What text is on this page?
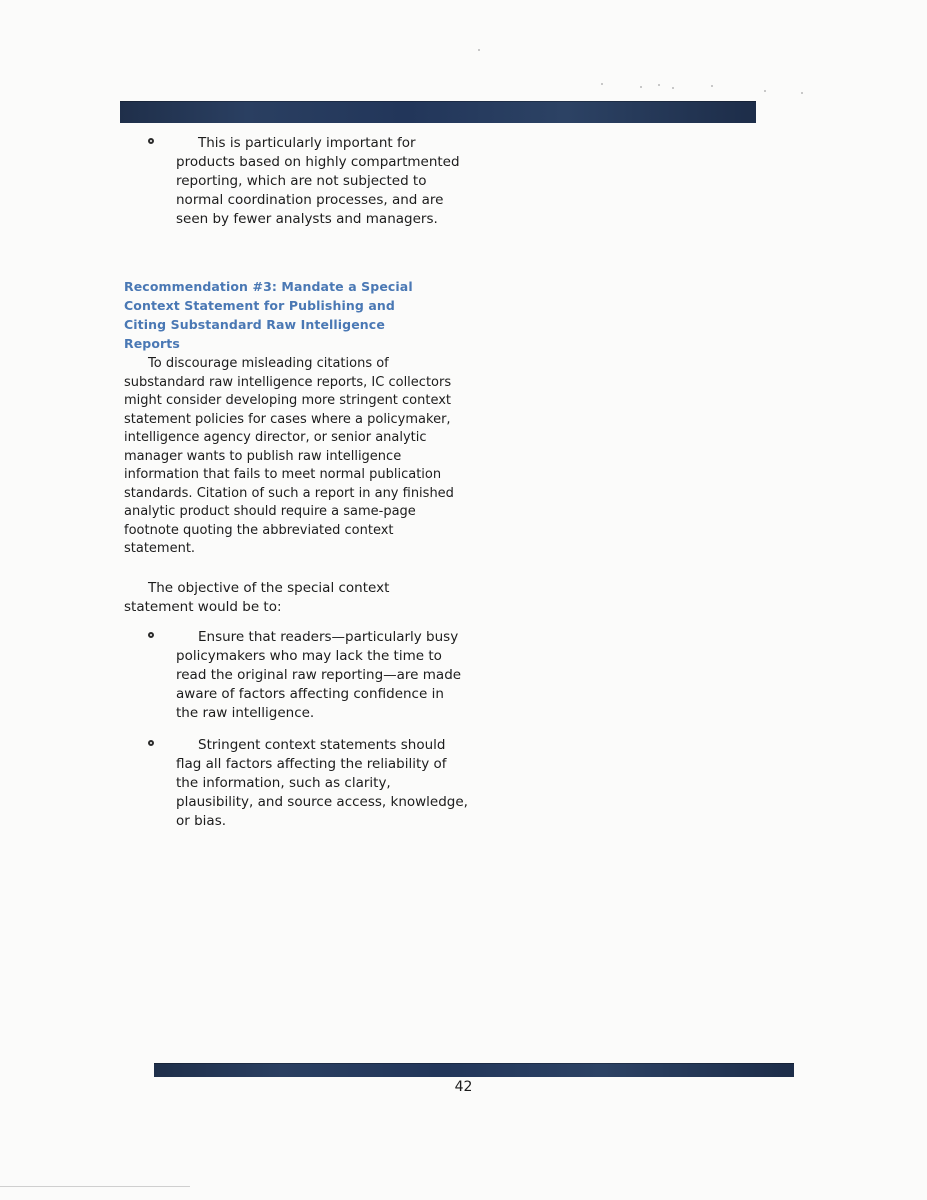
This is particularly important for products based on highly compartmented reporting, which are not subjected to normal coordination processes, and are seen by fewer analysts and managers.
Recommendation #3: Mandate a Special Context Statement for Publishing and Citing Substandard Raw Intelligence Reports
To discourage misleading citations of substandard raw intelligence reports, IC collectors might consider developing more stringent context statement policies for cases where a policymaker, intelligence agency director, or senior analytic manager wants to publish raw intelligence information that fails to meet normal publication standards. Citation of such a report in any finished analytic product should require a same-page footnote quoting the abbreviated context statement.
The objective of the special context statement would be to:
Ensure that readers—particularly busy policymakers who may lack the time to read the original raw reporting—are made aware of factors affecting confidence in the raw intelligence.
Stringent context statements should flag all factors affecting the reliability of the information, such as clarity, plausibility, and source access, knowledge, or bias.
42
